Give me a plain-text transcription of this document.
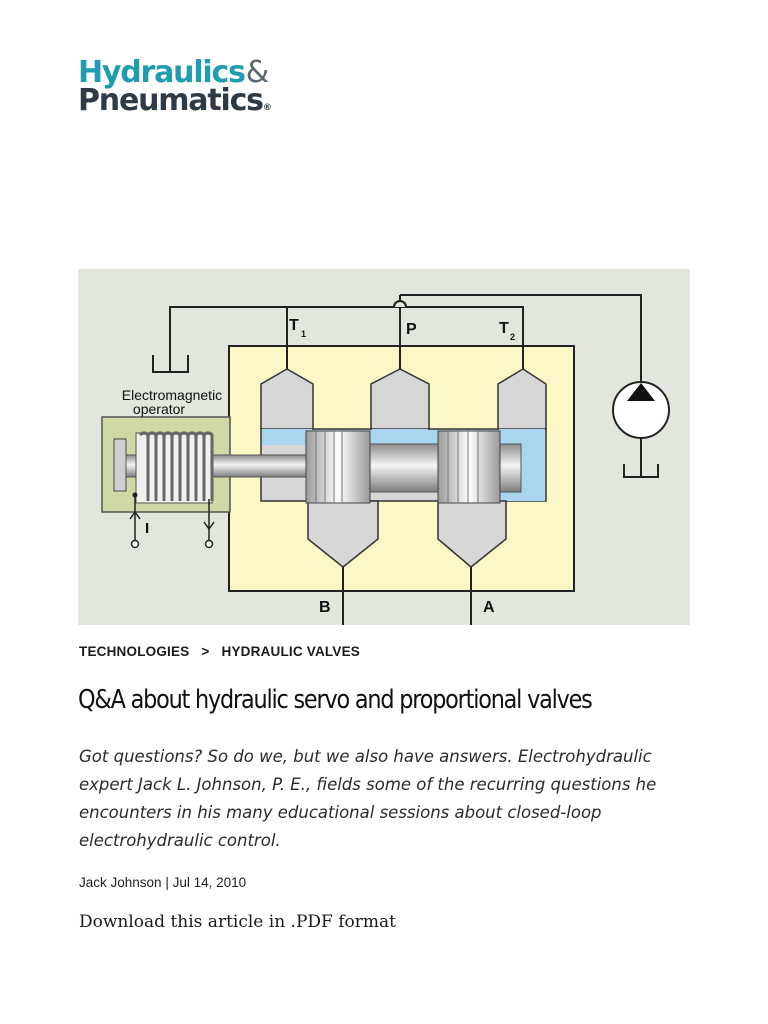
Hydraulics &
Pneumatics®
T 1	P	T 2
Electromagnetic
operator
I
B	A
TECHNOLOGIES > HYDRAULIC VALVES
Q&A about hydraulic servo and proportional valves

Got questions? So do we, but we also have answers. Electrohydraulic expert Jack L. Johnson, P. E., fields some of the recurring questions he encounters in his many educational sessions about closed-loop electrohydraulic control.

Jack Johnson | Jul 14, 2010
Download this article in .PDF format
